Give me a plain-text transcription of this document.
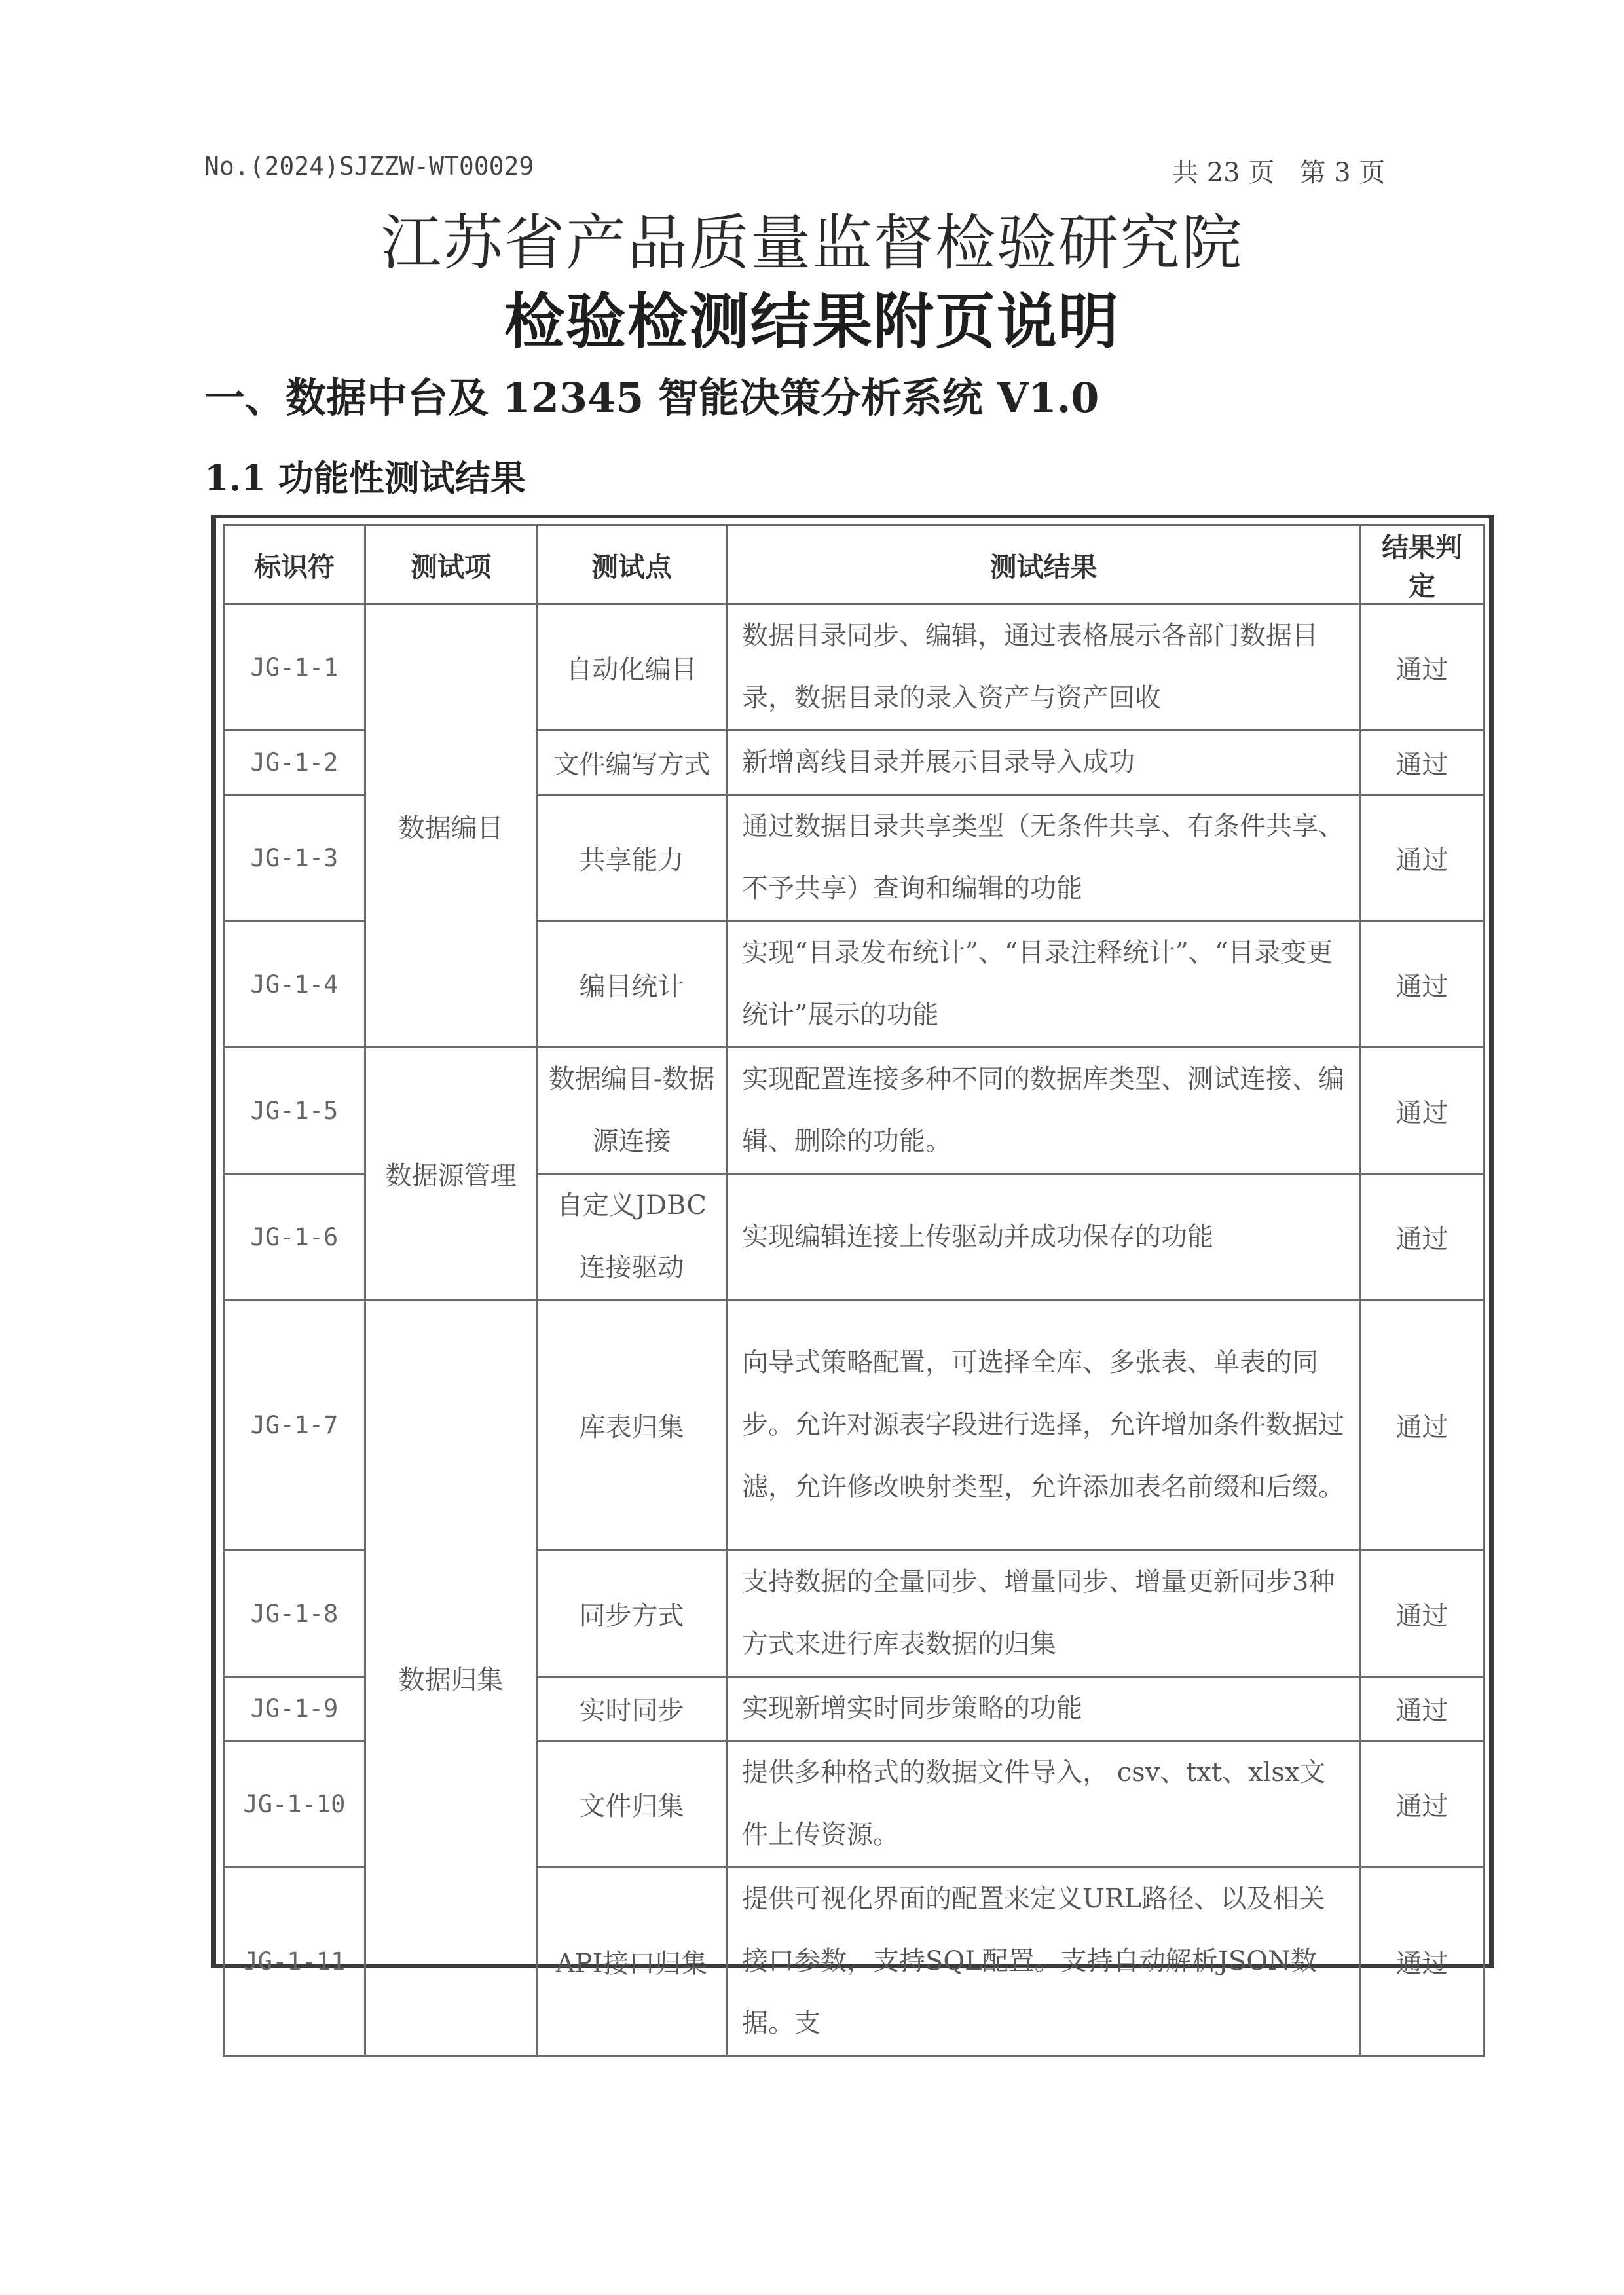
No.(2024)SJZZW-WT00029	共 23 页   第 3 页
江苏省产品质量监督检验研究院
检验检测结果附页说明
一、数据中台及 12345 智能决策分析系统 V1.0
1.1 功能性测试结果
标识符	测试项	测试点	测试结果	结果判定
JG-1-1	数据编目	自动化编目	数据目录同步、编辑，通过表格展示各部门数据目录，数据目录的录入资产与资产回收	通过
JG-1-2		文件编写方式	新增离线目录并展示目录导入成功	通过
JG-1-3		共享能力	通过数据目录共享类型（无条件共享、有条件共享、不予共享）查询和编辑的功能	通过
JG-1-4		编目统计	实现“目录发布统计”、“目录注释统计”、“目录变更统计”展示的功能	通过
JG-1-5	数据源管理	数据编目-数据源连接	实现配置连接多种不同的数据库类型、测试连接、编辑、删除的功能。	通过
JG-1-6		自定义JDBC连接驱动	实现编辑连接上传驱动并成功保存的功能	通过
JG-1-7	数据归集	库表归集	向导式策略配置，可选择全库、多张表、单表的同步。允许对源表字段进行选择，允许增加条件数据过滤，允许修改映射类型，允许添加表名前缀和后缀。	通过
JG-1-8		同步方式	支持数据的全量同步、增量同步、增量更新同步3种方式来进行库表数据的归集	通过
JG-1-9		实时同步	实现新增实时同步策略的功能	通过
JG-1-10		文件归集	提供多种格式的数据文件导入， csv、txt、xlsx文件上传资源。	通过
JG-1-11		API接口归集	提供可视化界面的配置来定义URL路径、以及相关接口参数，支持SQL配置。支持自动解析JSON数据。支	通过
